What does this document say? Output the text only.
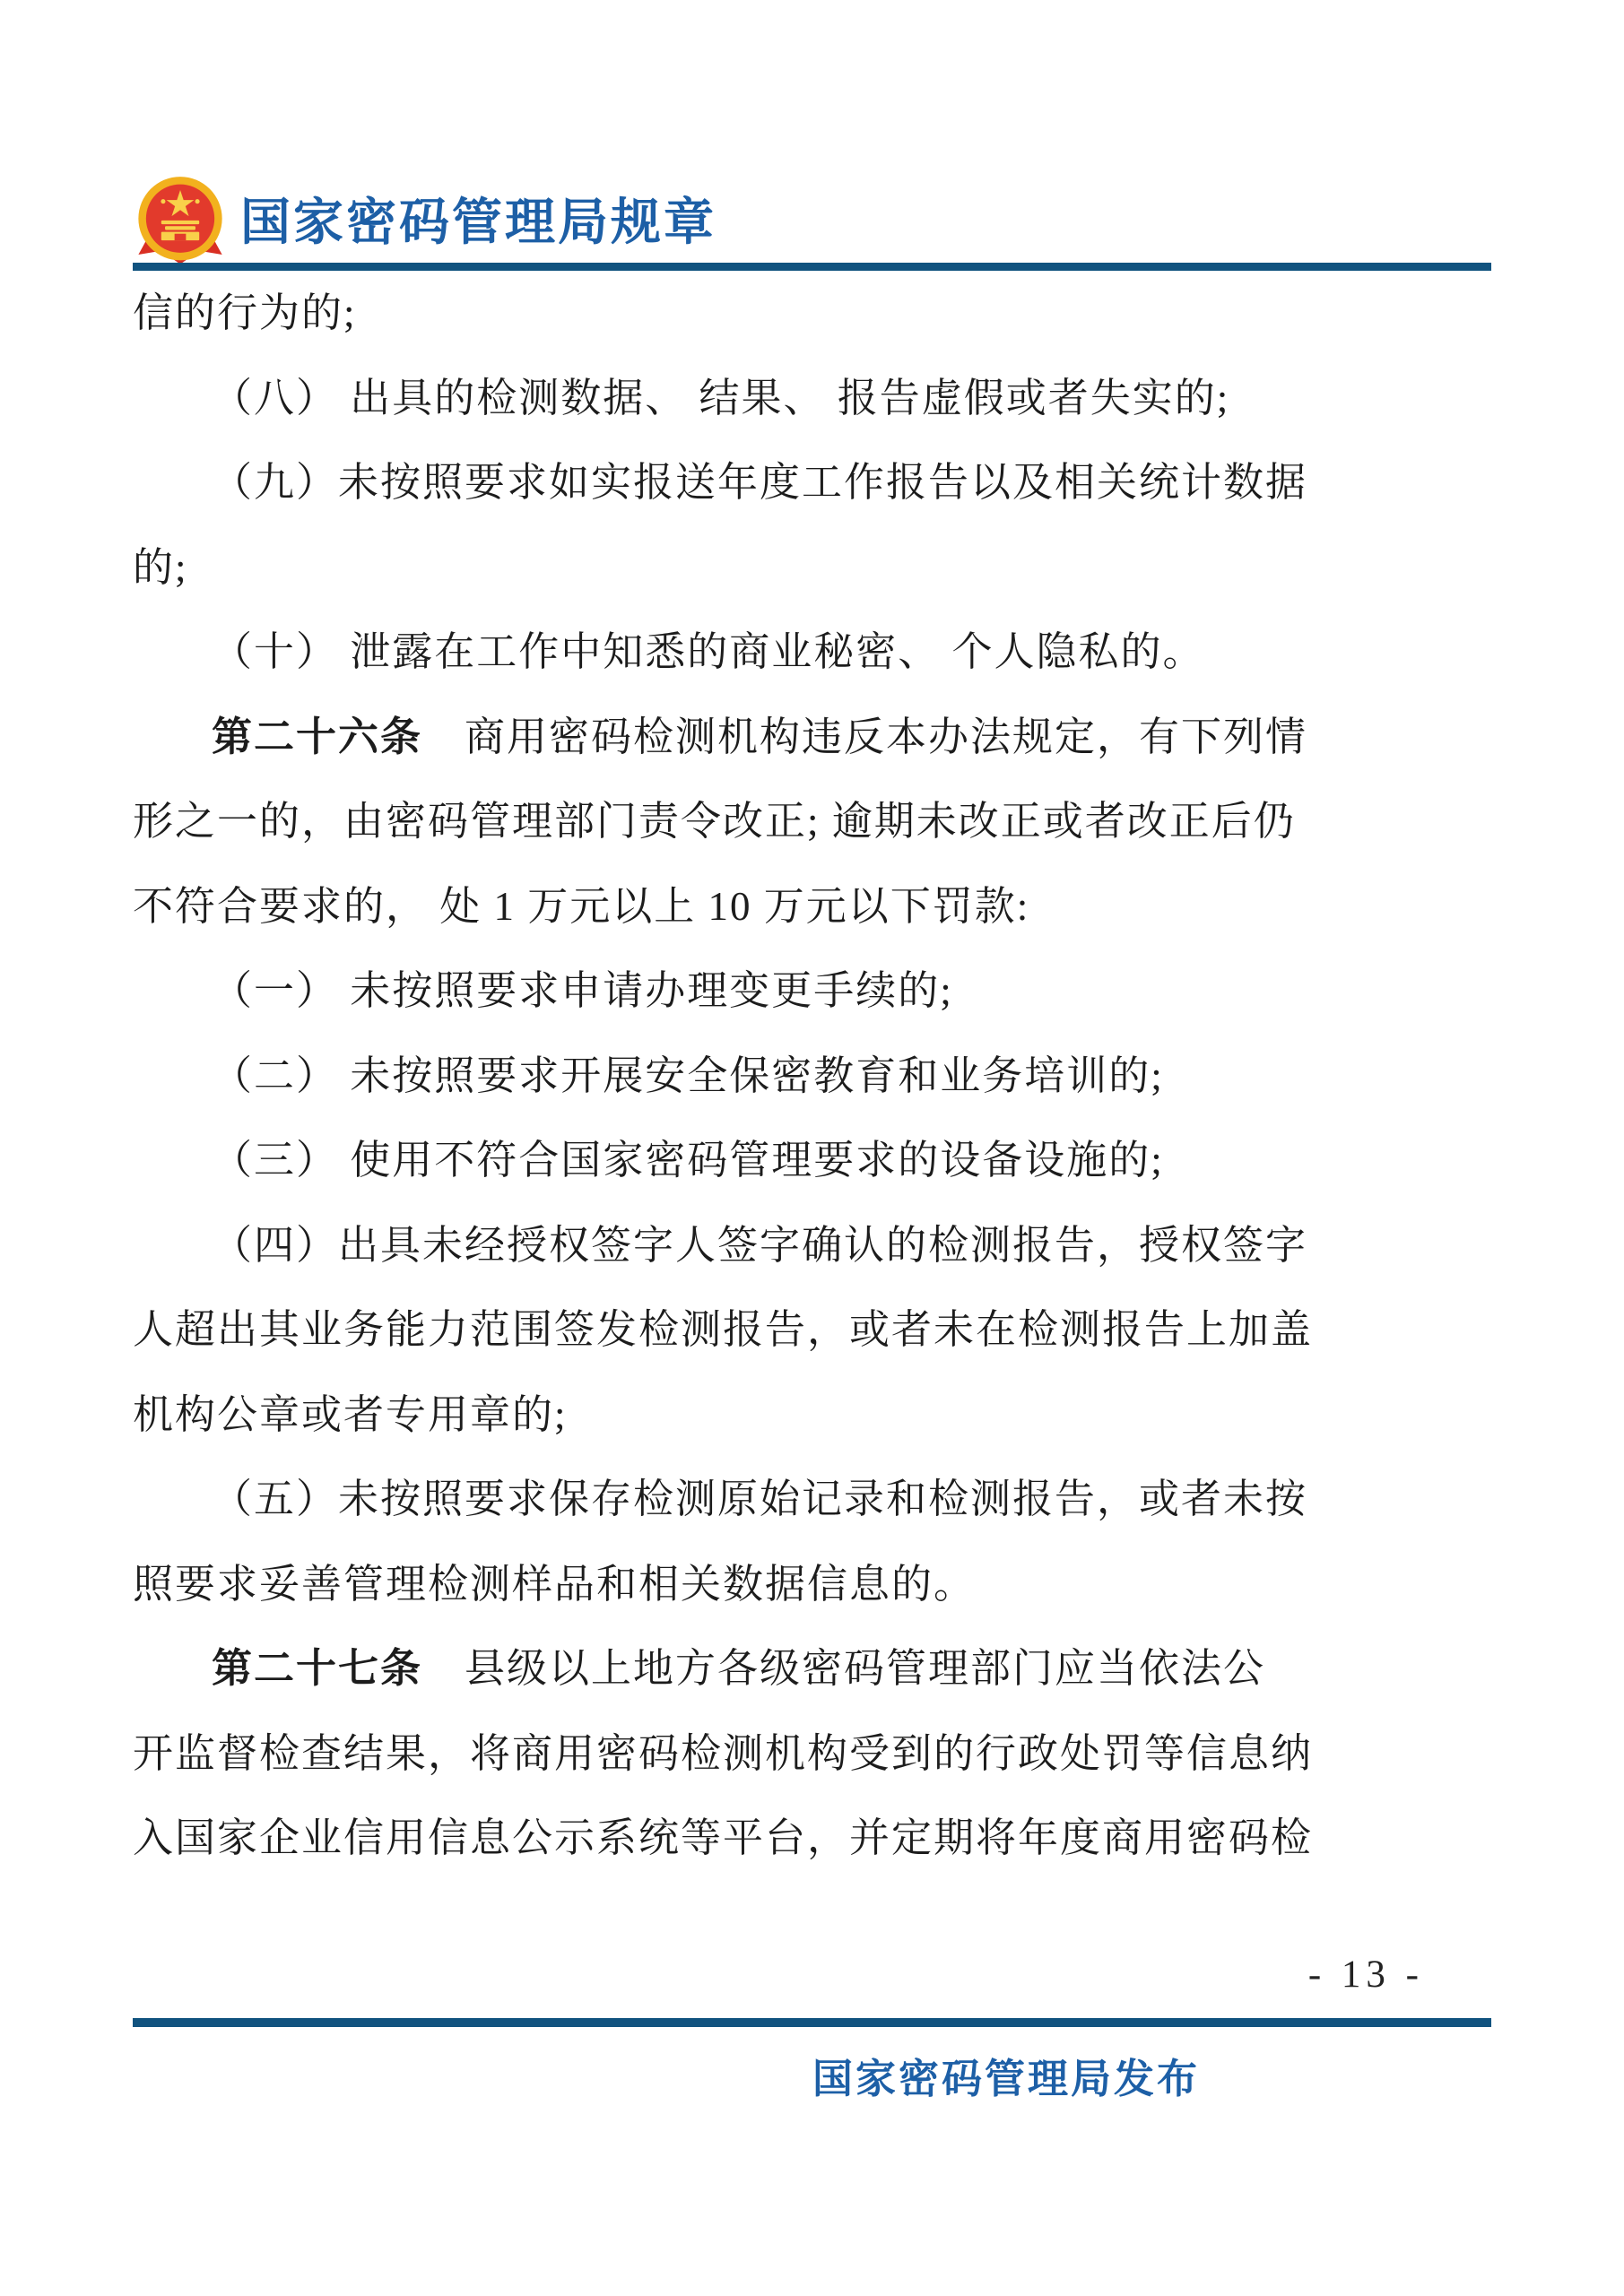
国家密码管理局规章
信的行为的;
（八） 出具的检测数据、 结果、 报告虚假或者失实的;
（九）未按照要求如实报送年度工作报告以及相关统计数据
的;
（十） 泄露在工作中知悉的商业秘密、 个人隐私的。
第二十六条　商用密码检测机构违反本办法规定，有下列情
形之一的，由密码管理部门责令改正; 逾期未改正或者改正后仍
不符合要求的， 处 1 万元以上 10 万元以下罚款:
（一） 未按照要求申请办理变更手续的;
（二） 未按照要求开展安全保密教育和业务培训的;
（三） 使用不符合国家密码管理要求的设备设施的;
（四）出具未经授权签字人签字确认的检测报告，授权签字
人超出其业务能力范围签发检测报告，或者未在检测报告上加盖
机构公章或者专用章的;
（五）未按照要求保存检测原始记录和检测报告，或者未按
照要求妥善管理检测样品和相关数据信息的。
第二十七条　县级以上地方各级密码管理部门应当依法公
开监督检查结果，将商用密码检测机构受到的行政处罚等信息纳
入国家企业信用信息公示系统等平台，并定期将年度商用密码检
- 13 -
国家密码管理局发布
